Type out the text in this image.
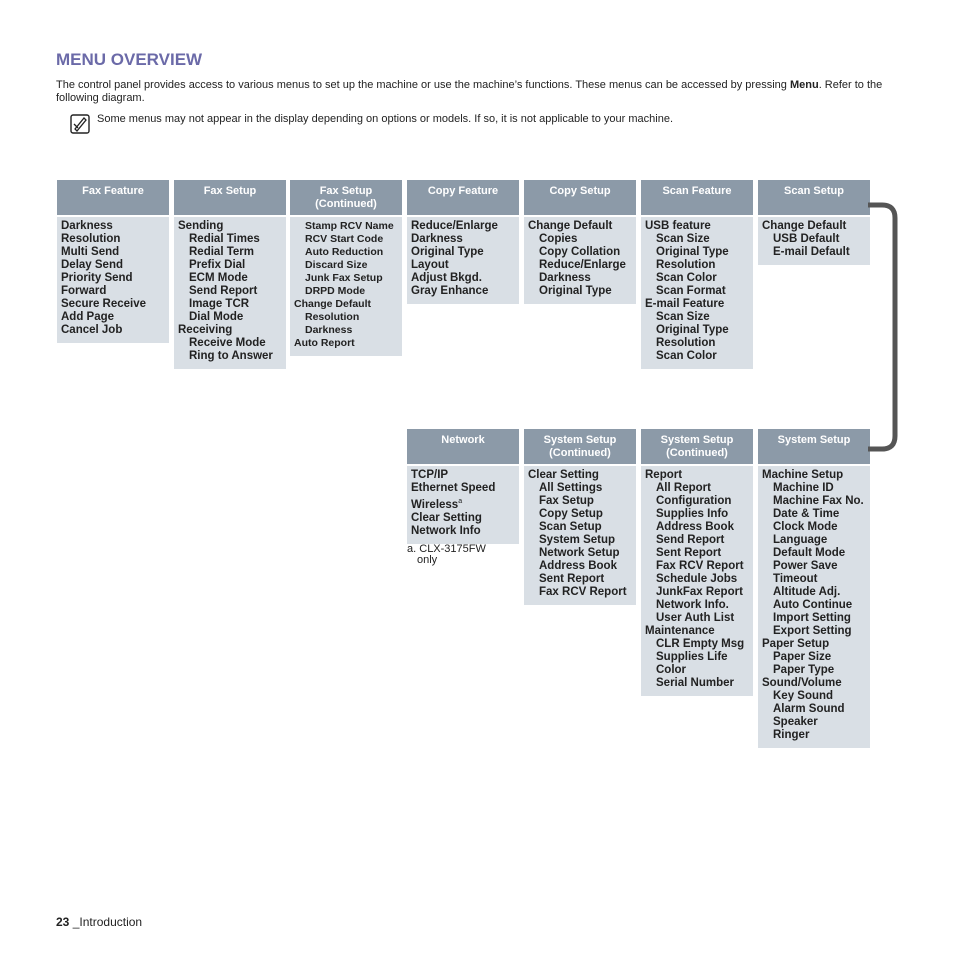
MENU OVERVIEW

The control panel provides access to various menus to set up the machine or use the machine’s functions. These menus can be accessed by pressing Menu. Refer to the following diagram.

Some menus may not appear in the display depending on options or models. If so, it is not applicable to your machine.

Fax Feature
Darkness
Resolution
Multi Send
Delay Send
Priority Send
Forward
Secure Receive
Add Page
Cancel Job
Fax Setup
Sending
Redial Times
Redial Term
Prefix Dial
ECM Mode
Send Report
Image TCR
Dial Mode
Receiving
Receive Mode
Ring to Answer
Fax Setup
(Continued)
Stamp RCV Name
RCV Start Code
Auto Reduction
Discard Size
Junk Fax Setup
DRPD Mode
Change Default
Resolution
Darkness
Auto Report
Copy Feature
Reduce/Enlarge
Darkness
Original Type
Layout
Adjust Bkgd.
Gray Enhance
Copy Setup
Change Default
Copies
Copy Collation
Reduce/Enlarge
Darkness
Original Type
Scan Feature
USB feature
Scan Size
Original Type
Resolution
Scan Color
Scan Format
E-mail Feature
Scan Size
Original Type
Resolution
Scan Color
Scan Setup
Change Default
USB Default
E-mail Default
Network
TCP/IP
Ethernet Speed
Wireless$^a$
Clear Setting
Network Info
System Setup
(Continued)
Clear Setting
All Settings
Fax Setup
Copy Setup
Scan Setup
System Setup
Network Setup
Address Book
Sent Report
Fax RCV Report
System Setup
(Continued)
Report
All Report
Configuration
Supplies Info
Address Book
Send Report
Sent Report
Fax RCV Report
Schedule Jobs
JunkFax Report
Network Info.
User Auth List
Maintenance
CLR Empty Msg
Supplies Life
Color
Serial Number
System Setup
Machine Setup
Machine ID
Machine Fax No.
Date & Time
Clock Mode
Language
Default Mode
Power Save
Timeout
Altitude Adj.
Auto Continue
Import Setting
Export Setting
Paper Setup
Paper Size
Paper Type
Sound/Volume
Key Sound
Alarm Sound
Speaker
Ringer
a. CLX-3175FW
only

23 _Introduction
